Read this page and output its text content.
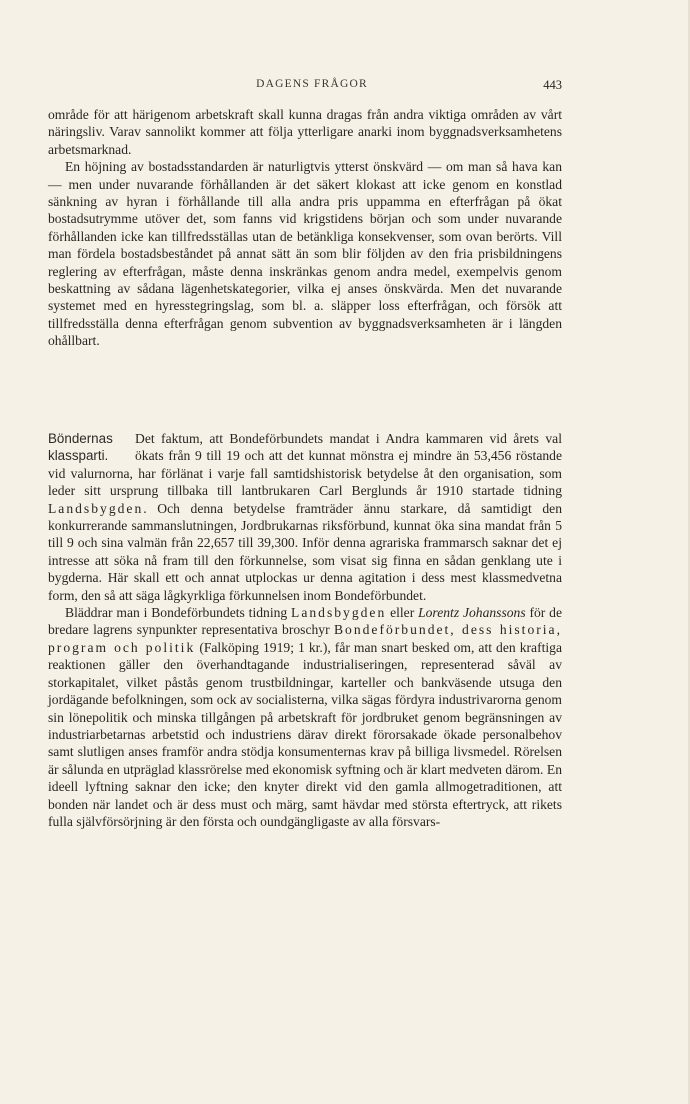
DAGENS FRÅGOR	443

område för att härigenom arbetskraft skall kunna dragas från andra viktiga områden av vårt näringsliv. Varav sannolikt kommer att följa ytterligare anarki inom byggnadsverksamhetens arbetsmarknad.

En höjning av bostadsstandarden är naturligtvis ytterst önskvärd — om man så hava kan — men under nuvarande förhållanden är det säkert klokast att icke genom en konstlad sänkning av hyran i förhållande till alla andra pris uppamma en efterfrågan på ökat bostadsutrymme utöver det, som fanns vid krigstidens början och som under nuvarande förhållanden icke kan tillfredsställas utan de betänkliga konsekvenser, som ovan berörts. Vill man fördela bostadsbeståndet på annat sätt än som blir följden av den fria prisbildningens reglering av efterfrågan, måste denna inskränkas genom andra medel, exempelvis genom beskattning av sådana lägenhetskategorier, vilka ej anses önskvärda. Men det nuvarande systemet med en hyresstegringslag, som bl. a. släpper loss efterfrågan, och försök att tillfredsställa denna efterfrågan genom subvention av byggnadsverksamheten är i längden ohållbart.

Böndernas klassparti.

Det faktum, att Bondeförbundets mandat i Andra kammaren vid årets val ökats från 9 till 19 och att det kunnat mönstra ej mindre än 53,456 röstande vid valurnorna, har förlänat i varje fall samtidshistorisk betydelse åt den organisation, som leder sitt ursprung tillbaka till lantbrukaren Carl Berglunds år 1910 startade tidning Landsbygden. Och denna betydelse framträder ännu starkare, då samtidigt den konkurrerande sammanslutningen, Jordbrukarnas riksförbund, kunnat öka sina mandat från 5 till 9 och sina valmän från 22,657 till 39,300. Inför denna agrariska frammarsch saknar det ej intresse att söka nå fram till den förkunnelse, som visat sig finna en sådan genklang ute i bygderna. Här skall ett och annat utplockas ur denna agitation i dess mest klassmedvetna form, den så att säga lågkyrkliga förkunnelsen inom Bondeförbundet.

Bläddrar man i Bondeförbundets tidning Landsbygden eller Lorentz Johanssons för de bredare lagrens synpunkter representativa broschyr Bondeförbundet, dess historia, program och politik (Falköping 1919; 1 kr.), får man snart besked om, att den kraftiga reaktionen gäller den överhandtagande industrialiseringen, representerad såväl av storkapitalet, vilket påstås genom trustbildningar, karteller och bankväsende utsuga den jordägande befolkningen, som ock av socialisterna, vilka sägas fördyra industrivarorna genom sin lönepolitik och minska tillgången på arbetskraft för jordbruket genom begränsningen av industriarbetarnas arbetstid och industriens därav direkt förorsakade ökade personalbehov samt slutligen anses framför andra stödja konsumenternas krav på billiga livsmedel. Rörelsen är sålunda en utpräglad klassrörelse med ekonomisk syftning och är klart medveten därom. En ideell lyftning saknar den icke; den knyter direkt vid den gamla allmogetraditionen, att bonden när landet och är dess must och märg, samt hävdar med största eftertryck, att rikets fulla självförsörjning är den första och oundgängligaste av alla försvars-
